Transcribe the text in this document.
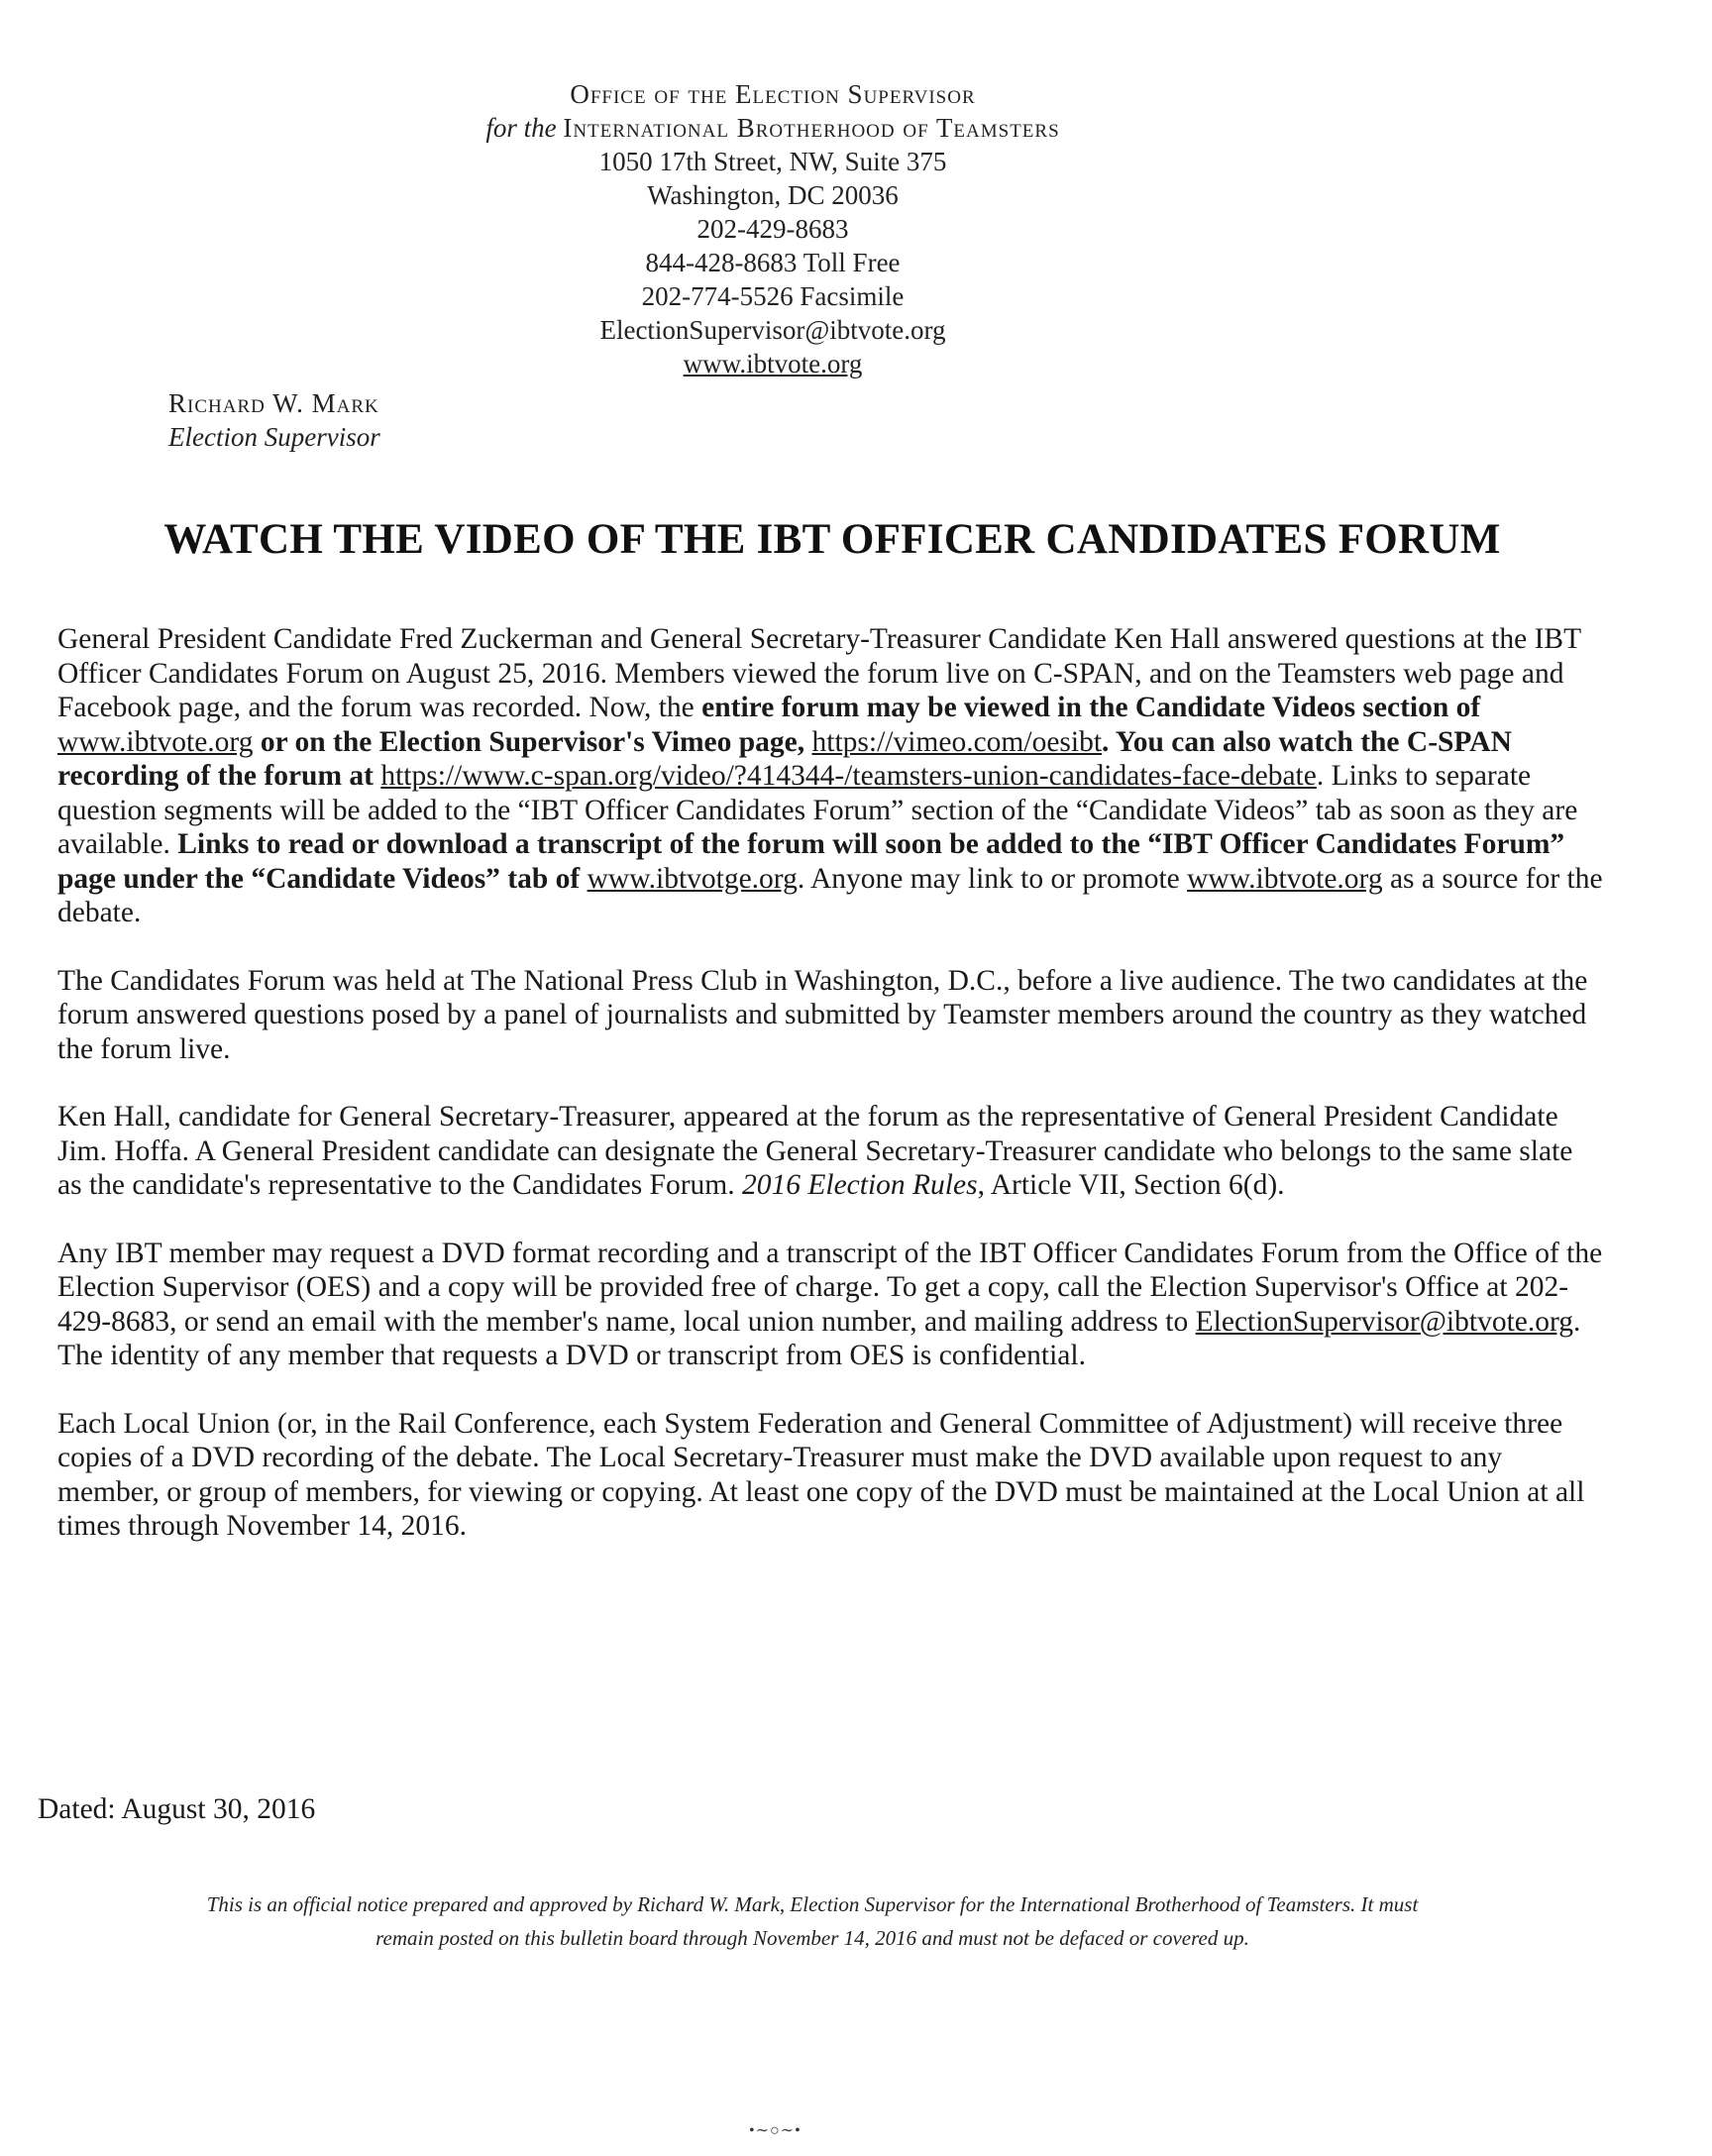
Office of the Election Supervisor
for the International Brotherhood of Teamsters
1050 17th Street, NW, Suite 375
Washington, DC 20036
202-429-8683
844-428-8683 Toll Free
202-774-5526 Facsimile
ElectionSupervisor@ibtvote.org
www.ibtvote.org
Richard W. Mark
Election Supervisor
WATCH THE VIDEO OF THE IBT OFFICER CANDIDATES FORUM

General President Candidate Fred Zuckerman and General Secretary-Treasurer Candidate Ken Hall answered questions at the IBT Officer Candidates Forum on August 25, 2016. Members viewed the forum live on C-SPAN, and on the Teamsters web page and Facebook page, and the forum was recorded. Now, the entire forum may be viewed in the Candidate Videos section of www.ibtvote.org or on the Election Supervisor's Vimeo page, https://vimeo.com/oesibt. You can also watch the C-SPAN recording of the forum at https://www.c-span.org/video/?414344-/teamsters-union-candidates-face-debate. Links to separate question segments will be added to the “IBT Officer Candidates Forum” section of the “Candidate Videos” tab as soon as they are available. Links to read or download a transcript of the forum will soon be added to the “IBT Officer Candidates Forum” page under the “Candidate Videos” tab of www.ibtvotge.org. Anyone may link to or promote www.ibtvote.org as a source for the debate.

The Candidates Forum was held at The National Press Club in Washington, D.C., before a live audience. The two candidates at the forum answered questions posed by a panel of journalists and submitted by Teamster members around the country as they watched the forum live.

Ken Hall, candidate for General Secretary-Treasurer, appeared at the forum as the representative of General President Candidate Jim. Hoffa. A General President candidate can designate the General Secretary-Treasurer candidate who belongs to the same slate as the candidate's representative to the Candidates Forum. 2016 Election Rules, Article VII, Section 6(d).

Any IBT member may request a DVD format recording and a transcript of the IBT Officer Candidates Forum from the Office of the Election Supervisor (OES) and a copy will be provided free of charge. To get a copy, call the Election Supervisor's Office at 202-429-8683, or send an email with the member's name, local union number, and mailing address to ElectionSupervisor@ibtvote.org. The identity of any member that requests a DVD or transcript from OES is confidential.

Each Local Union (or, in the Rail Conference, each System Federation and General Committee of Adjustment) will receive three copies of a DVD recording of the debate. The Local Secretary-Treasurer must make the DVD available upon request to any member, or group of members, for viewing or copying. At least one copy of the DVD must be maintained at the Local Union at all times through November 14, 2016.

Dated: August 30, 2016
This is an official notice prepared and approved by Richard W. Mark, Election Supervisor for the International Brotherhood of Teamsters. It must
remain posted on this bulletin board through November 14, 2016 and must not be defaced or covered up.
•∼○∼•
